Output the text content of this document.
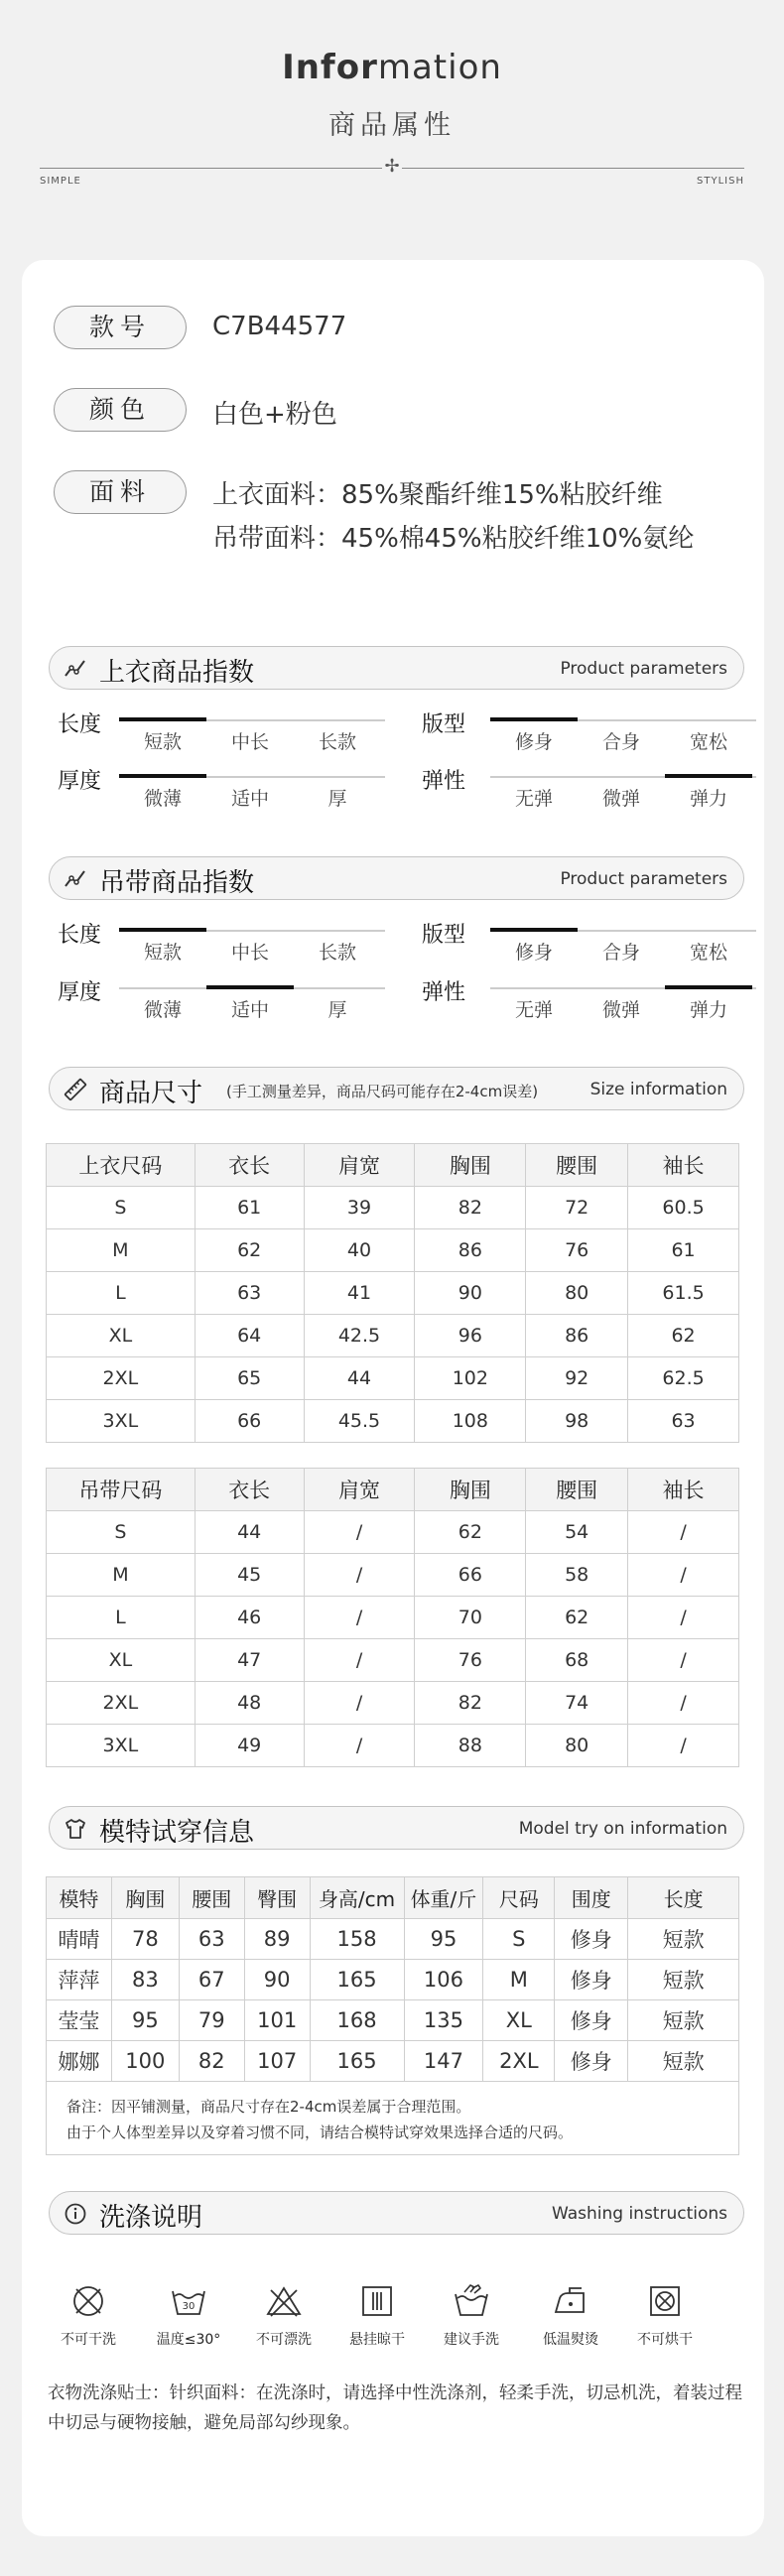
Information
商品属性
✢
SIMPLE	STYLISH
款号	C7B44577
颜色	白色+粉色
面料	上衣面料：85%聚酯纤维15%粘胶纤维
吊带面料：45%棉45%粘胶纤维10%氨纶
上衣商品指数	Product parameters
长度
短款	中长	长款
版型
修身	合身	宽松
厚度
微薄	适中	厚
弹性
无弹	微弹	弹力
吊带商品指数	Product parameters
长度
短款	中长	长款
版型
修身	合身	宽松
厚度
微薄	适中	厚
弹性
无弹	微弹	弹力
商品尺寸 (手工测量差异，商品尺码可能存在2-4cm误差)	Size information
上衣尺码	衣长	肩宽	胸围	腰围	袖长
S	61	39	82	72	60.5
M	62	40	86	76	61
L	63	41	90	80	61.5
XL	64	42.5	96	86	62
2XL	65	44	102	92	62.5
3XL	66	45.5	108	98	63
吊带尺码	衣长	肩宽	胸围	腰围	袖长
S	44	/	62	54	/
M	45	/	66	58	/
L	46	/	70	62	/
XL	47	/	76	68	/
2XL	48	/	82	74	/
3XL	49	/	88	80	/
模特试穿信息	Model try on information
模特	胸围	腰围	臀围	身高/cm	体重/斤	尺码	围度	长度
晴晴	78	63	89	158	95	S	修身	短款
萍萍	83	67	90	165	106	M	修身	短款
莹莹	95	79	101	168	135	XL	修身	短款
娜娜	100	82	107	165	147	2XL	修身	短款
备注：因平铺测量，商品尺寸存在2-4cm误差属于合理范围。
由于个人体型差异以及穿着习惯不同，请结合模特试穿效果选择合适的尺码。
洗涤说明	Washing instructions
不可干洗
30
温度≤30°	不可漂洗	悬挂晾干	建议手洗	低温熨烫	不可烘干
衣物洗涤贴士：针织面料：在洗涤时，请选择中性洗涤剂，轻柔手洗，切忌机洗，着装过程中切忌与硬物接触，避免局部勾纱现象。
